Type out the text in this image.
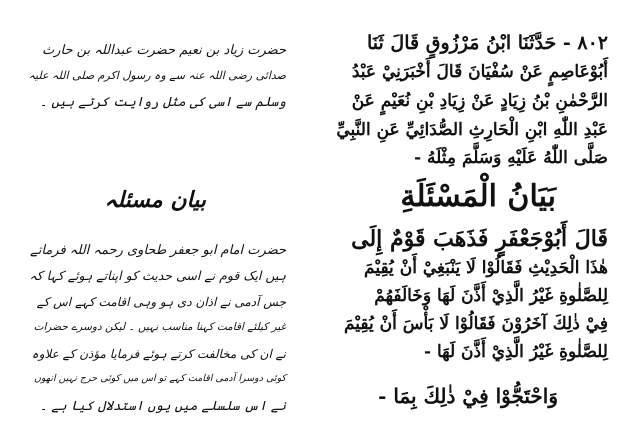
۸۰۲ - حَدَّثَنَا ابْنُ مَرْزُوقٍ قَالَ ثَنَا
أَبُوْعَاصِمٍ عَنْ سُفْيَانَ قَالَ أَخْبَرَنِيْ عَبْدُ
الرَّحْمٰنِ بْنُ زِيَادٍ عَنْ زِيَادِ بْنِ نُعَيْمٍ عَنْ
عَبْدِ اللّٰهِ ابْنِ الْحَارِثِ الصُّدَائِيِّ عَنِ النَّبِيِّ
صَلَّى اللّٰهُ عَلَيْهِ وَسَلَّمَ مِثْلَهُ -
بَيَانُ الْمَسْئَلَةِ
قَالَ أَبُوْجَعْفَرٍ فَذَهَبَ قَوْمٌ إِلَى
هٰذَا الْحَدِيْثِ فَقَالُوْا لَا يَنْبَغِيْ أَنْ يُقِيْمَ
لِلصَّلٰوةِ غَيْرُ الَّذِيْ أَذَّنَ لَهَا وَخَالَفَهُمْ
فِيْ ذٰلِكَ آخَرُوْنَ فَقَالُوْا لَا بَأْسَ أَنْ يُقِيْمَ
لِلصَّلٰوةِ غَيْرُ الَّذِيْ أَذَّنَ لَهَا -
وَاحْتَجُّوْا فِيْ ذٰلِكَ بِمَا -
حضرت زیاد بن نعیم حضرت عبداللہ بن حارث
صدائی رضی اللہ عنہ سے وہ رسول اکرم صلی اللہ علیہ
وسلم سے اسی کی مثل روایت کرتے ہیں ۔
بیان مسئلہ
حضرت امام ابو جعفر طحاوی رحمہ اللہ فرماتے
ہیں ایک قوم نے اسی حدیث کو اپناتے ہوئے کہا کہ
جس آدمی نے اذان دی ہو وہی اقامت کہے اس کے
غیر کیلئے اقامت کہنا مناسب نہیں ۔ لیکن دوسرے حضرات
نے ان کی مخالفت کرتے ہوئے فرمایا مؤذن کے علاوہ
کوئی دوسرا آدمی اقامت کہے تو اس میں کوئی حرج نہیں انھوں
نے اس سلسلے میں یوں استدلال کیا ہے ۔
